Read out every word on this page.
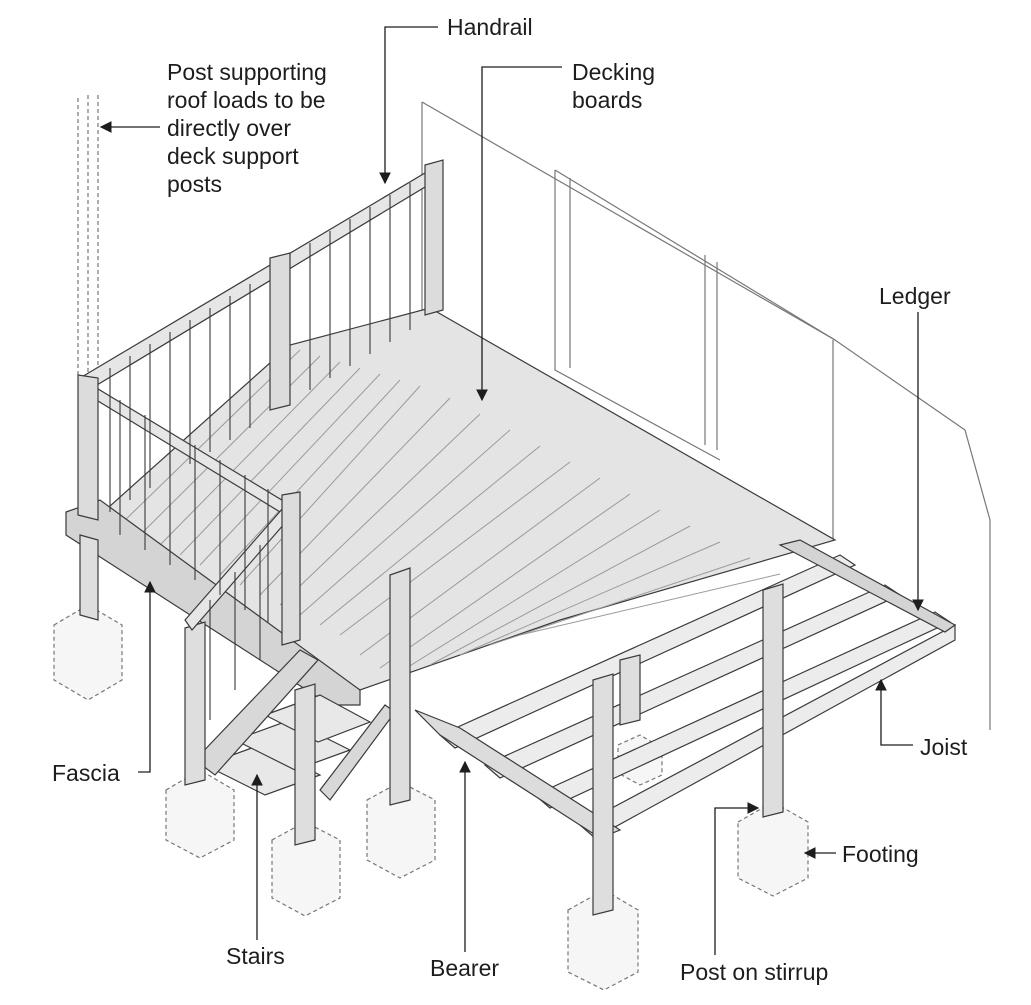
Handrail
Decking
boards
Post supporting
roof loads to be
directly over
deck support
posts
Ledger
Joist
Footing
Post on stirrup
Bearer
Stairs
Fascia
